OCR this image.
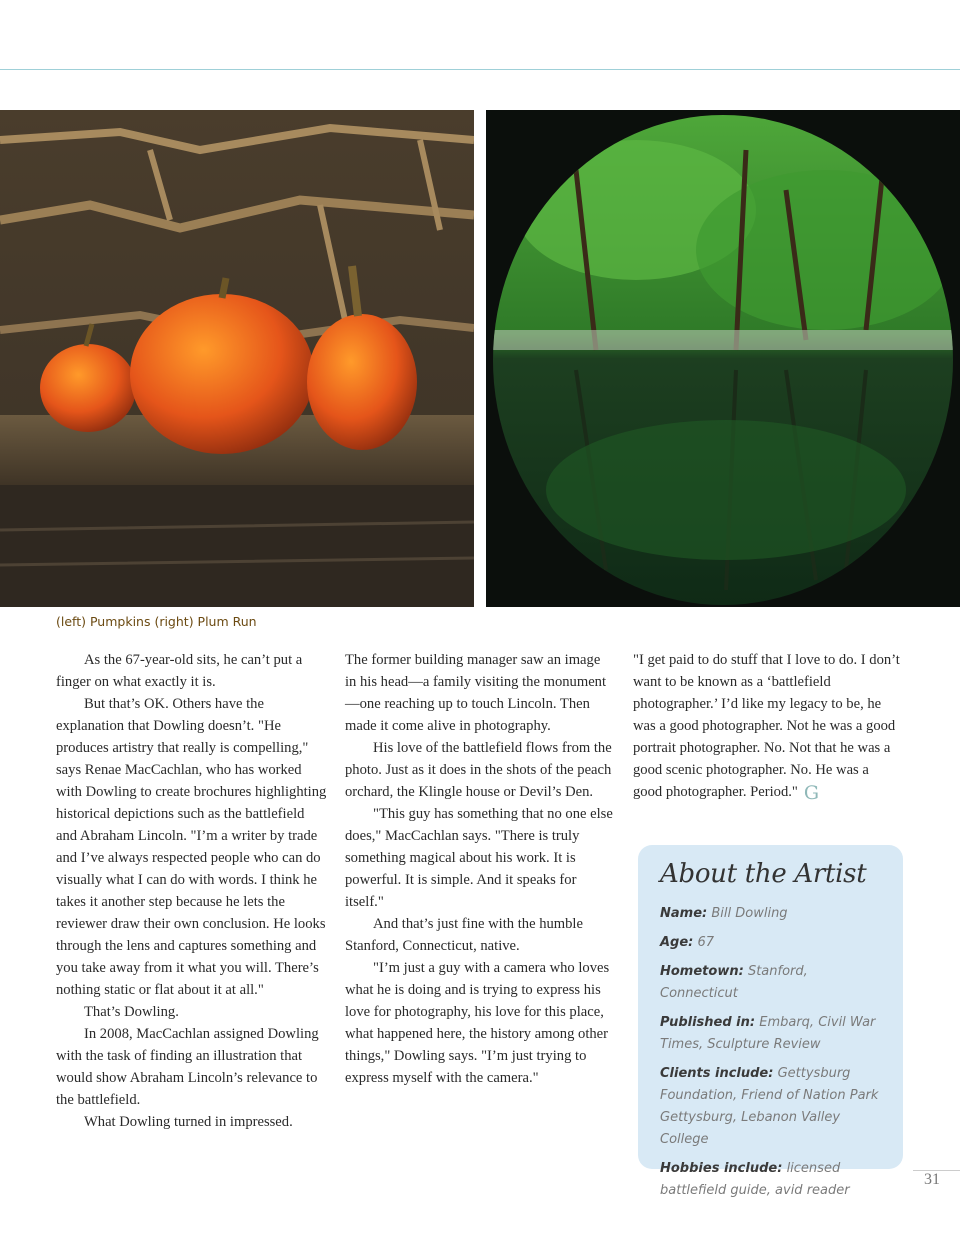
(left) Pumpkins (right) Plum Run

As the 67-year-old sits, he can’t put a finger on what exactly it is.

But that’s OK. Others have the explanation that Dowling doesn’t. "He produces artistry that really is compelling," says Renae MacCachlan, who has worked with Dowling to create brochures highlighting historical depictions such as the battlefield and Abraham Lincoln. "I’m a writer by trade and I’ve always respected people who can do visually what I can do with words. I think he takes it another step because he lets the reviewer draw their own conclusion. He looks through the lens and captures something and you take away from it what you will. There’s nothing static or flat about it at all."

That’s Dowling.

In 2008, MacCachlan assigned Dowling with the task of finding an illustration that would show Abraham Lincoln’s relevance to the battlefield.

What Dowling turned in impressed.

The former building manager saw an image in his head—a family visiting the monument—one reaching up to touch Lincoln. Then made it come alive in photography.

His love of the battlefield flows from the photo. Just as it does in the shots of the peach orchard, the Klingle house or Devil’s Den.

"This guy has something that no one else does," MacCachlan says. "There is truly something magical about his work. It is powerful. It is simple. And it speaks for itself."

And that’s just fine with the humble Stanford, Connecticut, native.

"I’m just a guy with a camera who loves what he is doing and is trying to express his love for photography, his love for this place, what happened here, the history among other things," Dowling says. "I’m just trying to express myself with the camera."

"I get paid to do stuff that I love to do. I don’t want to be known as a ‘battlefield photographer.’ I’d like my legacy to be, he was a good photographer. Not he was a good portrait photographer. No. Not that he was a good scenic photographer. No. He was a good photographer. Period." G

About the Artist
Name: Bill Dowling
Age: 67
Hometown: Stanford, Connecticut
Published in: Embarq, Civil War Times, Sculpture Review
Clients include: Gettysburg Foundation, Friend of Nation Park Gettysburg, Lebanon Valley College
Hobbies include: licensed battlefield guide, avid reader
31
